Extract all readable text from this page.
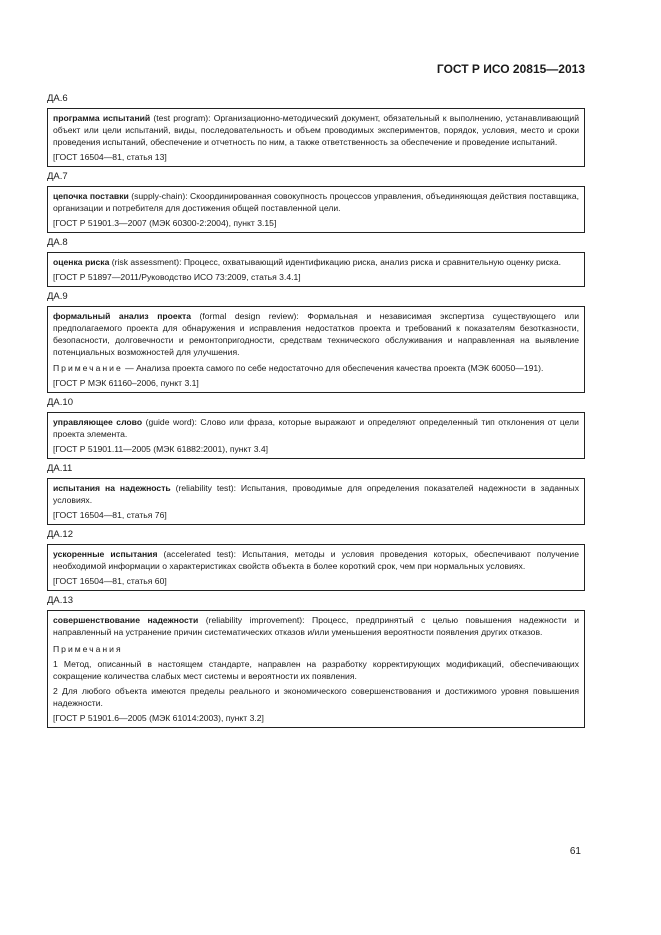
ГОСТ Р ИСО 20815—2013
ДА.6

программа испытаний (test program): Организационно-методический документ, обязательный к выполнению, устанавливающий объект или цели испытаний, виды, последовательность и объем проводимых экспериментов, порядок, условия, место и сроки проведения испытаний, обеспечение и отчетность по ним, а также ответственность за обеспечение и проведение испытаний.

[ГОСТ 16504—81, статья 13]
ДА.7

цепочка поставки (supply-chain): Скоординированная совокупность процессов управления, объединяющая действия поставщика, организации и потребителя для достижения общей поставленной цели.

[ГОСТ Р 51901.3—2007 (МЭК 60300-2:2004), пункт 3.15]
ДА.8

оценка риска (risk assessment): Процесс, охватывающий идентификацию риска, анализ риска и сравнительную оценку риска.

[ГОСТ Р 51897—2011/Руководство ИСО 73:2009, статья 3.4.1]
ДА.9

формальный анализ проекта (formal design review): Формальная и независимая экспертиза существующего или предполагаемого проекта для обнаружения и исправления недостатков проекта и требований к показателям безотказности, безопасности, долговечности и ремонтопригодности, средствам технического обслуживания и направленная на выявление потенциальных возможностей для улучшения.

Примечание — Анализа проекта самого по себе недостаточно для обеспечения качества проекта (МЭК 60050—191).
[ГОСТ Р МЭК 61160–2006, пункт 3.1]
ДА.10

управляющее слово (guide word): Слово или фраза, которые выражают и определяют определенный тип отклонения от цели проекта элемента.

[ГОСТ Р 51901.11—2005 (МЭК 61882:2001), пункт 3.4]
ДА.11

испытания на надежность (reliability test): Испытания, проводимые для определения показателей надежности в заданных условиях.

[ГОСТ 16504—81, статья 76]
ДА.12

ускоренные испытания (accelerated test): Испытания, методы и условия проведения которых, обеспечивают получение необходимой информации о характеристиках свойств объекта в более короткий срок, чем при нормальных условиях.

[ГОСТ 16504—81, статья 60]
ДА.13

совершенствование надежности (reliability improvement): Процесс, предпринятый с целью повышения надежности и направленный на устранение причин систематических отказов и/или уменьшения вероятности появления других отказов.

Примечания
1 Метод, описанный в настоящем стандарте, направлен на разработку корректирующих модификаций, обеспечивающих сокращение количества слабых мест системы и вероятности их появления.
2 Для любого объекта имеются пределы реального и экономического совершенствования и достижимого уровня повышения надежности.
[ГОСТ Р 51901.6—2005 (МЭК 61014:2003), пункт 3.2]
61
